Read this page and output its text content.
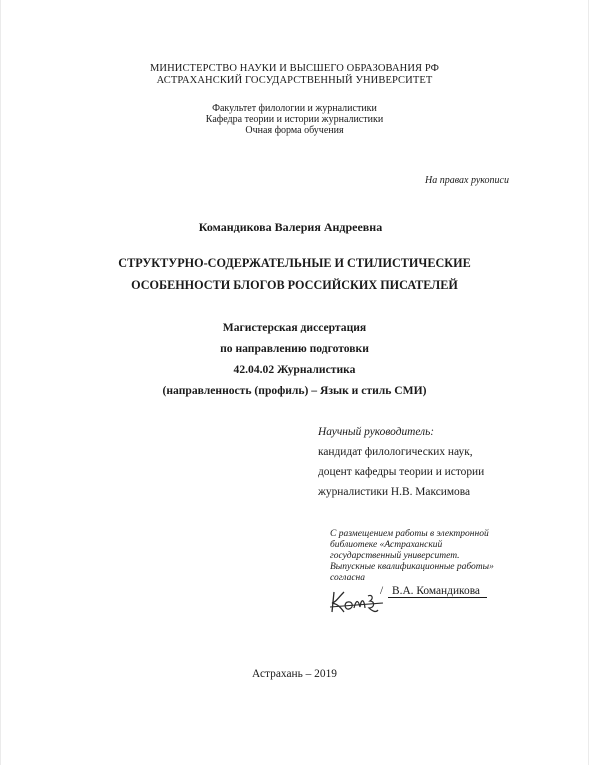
МИНИСТЕРСТВО НАУКИ И ВЫСШЕГО ОБРАЗОВАНИЯ РФ
АСТРАХАНСКИЙ ГОСУДАРСТВЕННЫЙ УНИВЕРСИТЕТ
Факультет филологии и журналистики
Кафедра теории и истории журналистики
Очная форма обучения
На правах рукописи
Командикова Валерия Андреевна
СТРУКТУРНО-СОДЕРЖАТЕЛЬНЫЕ И СТИЛИСТИЧЕСКИЕ
ОСОБЕННОСТИ БЛОГОВ РОССИЙСКИХ ПИСАТЕЛЕЙ
Магистерская диссертация
по направлению подготовки
42.04.02 Журналистика
(направленность (профиль) – Язык и стиль СМИ)
Научный руководитель:
кандидат филологических наук,
доцент кафедры теории и истории
журналистики Н.В. Максимова
С размещением работы в электронной
библиотеке «Астраханский
государственный университет.
Выпускные квалификационные работы»
согласна
/ В.А. Командикова
Астрахань – 2019
